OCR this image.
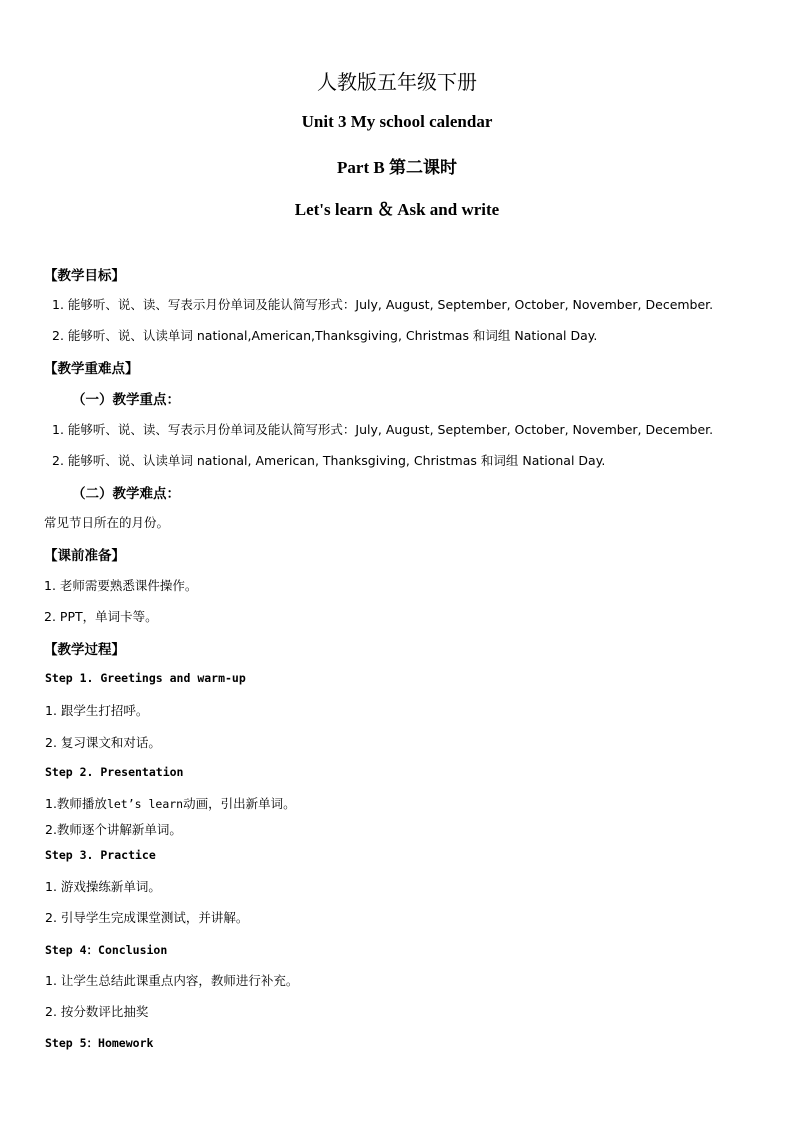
人教版五年级下册
Unit 3 My school calendar
Part B 第二课时
Let's learn ＆ Ask and write
【教学目标】
1. 能够听、说、读、写表示月份单词及能认简写形式：July, August, September, October, November, December.
2. 能够听、说、认读单词 national,American,Thanksgiving, Christmas 和词组 National Day.
【教学重难点】
（一）教学重点：
1. 能够听、说、读、写表示月份单词及能认简写形式：July, August, September, October, November, December.
2. 能够听、说、认读单词 national, American, Thanksgiving, Christmas 和词组 National Day.
（二）教学难点：
常见节日所在的月份。
【课前准备】
1. 老师需要熟悉课件操作。
2. PPT，单词卡等。
【教学过程】
Step 1. Greetings and warm-up
1. 跟学生打招呼。
2. 复习课文和对话。
Step 2. Presentation
1.教师播放let’s learn动画，引出新单词。
2.教师逐个讲解新单词。
Step 3. Practice
1. 游戏操练新单词。
2. 引导学生完成课堂测试，并讲解。
Step 4：Conclusion
1. 让学生总结此课重点内容，教师进行补充。
2. 按分数评比抽奖
Step 5：Homework
